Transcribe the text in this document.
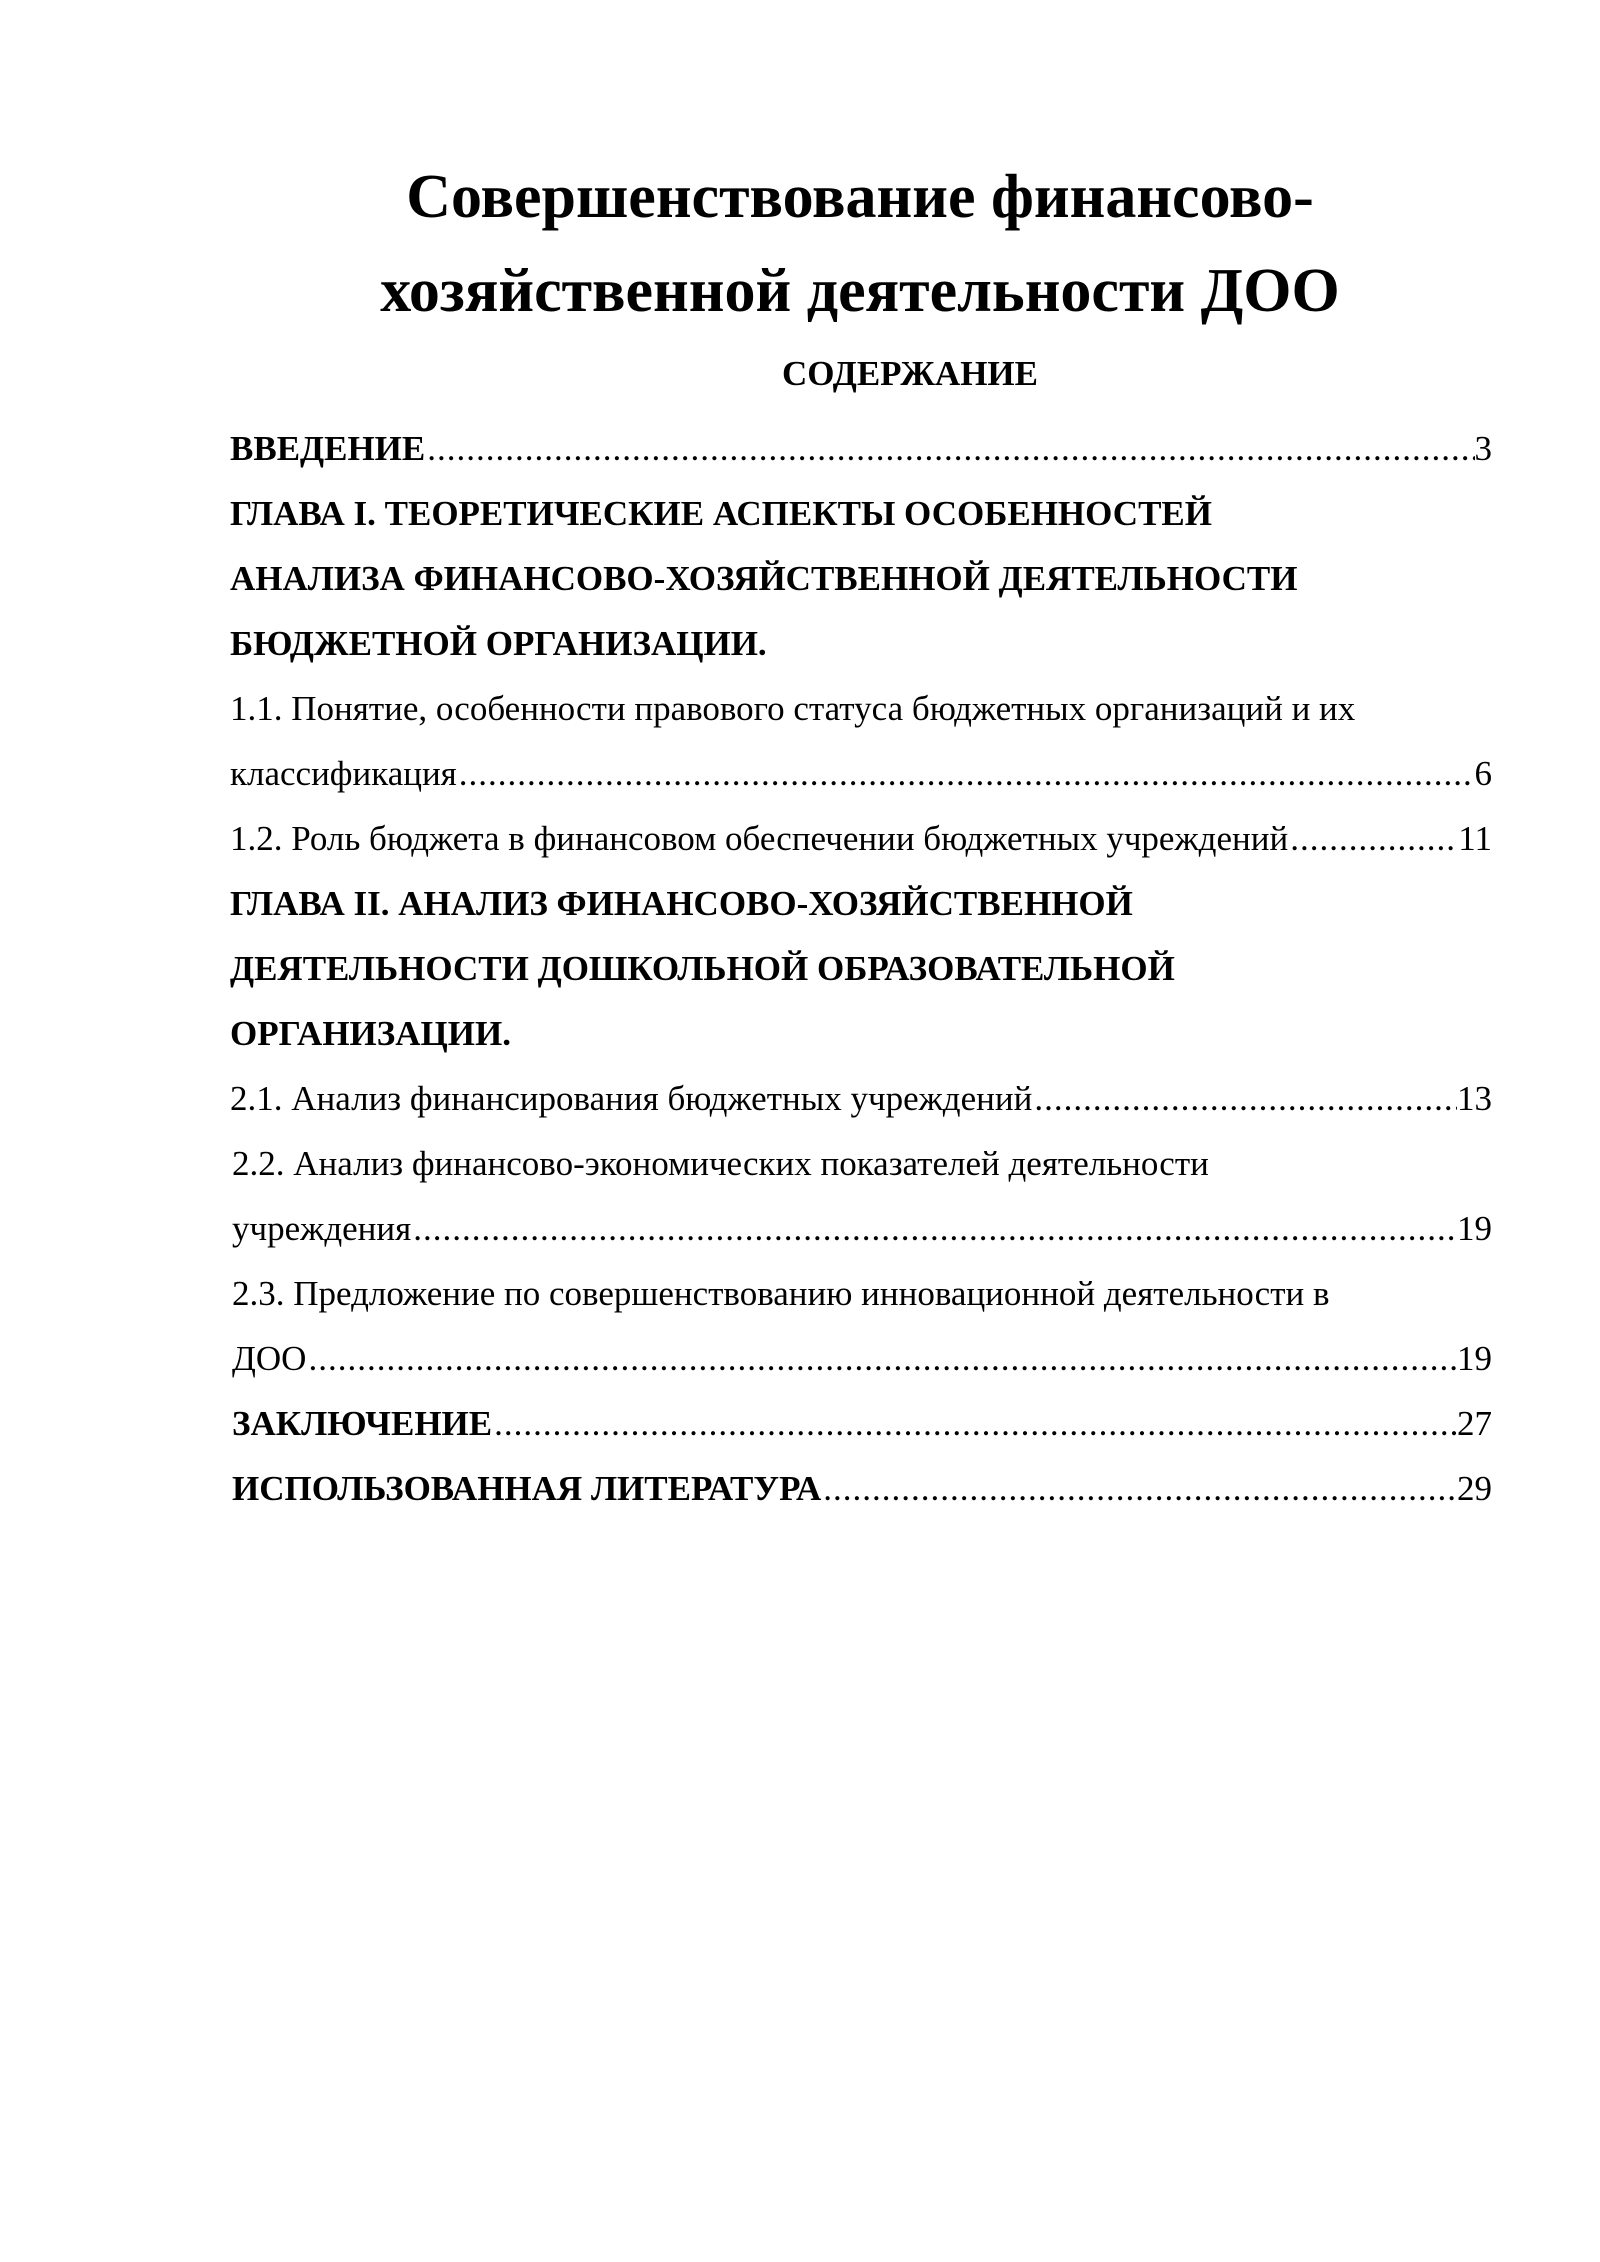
Совершенствование финансово-
хозяйственной деятельности ДОО
СОДЕРЖАНИЕ
ВВЕДЕНИЕ .....	3
ГЛАВА I. ТЕОРЕТИЧЕСКИЕ АСПЕКТЫ ОСОБЕННОСТЕЙ
АНАЛИЗА ФИНАНСОВО-ХОЗЯЙСТВЕННОЙ ДЕЯТЕЛЬНОСТИ
БЮДЖЕТНОЙ ОРГАНИЗАЦИИ.
1.1. Понятие, особенности правового статуса бюджетных организаций и их
классификация .....	6
1.2. Роль бюджета в финансовом обеспечении бюджетных учреждений .....	11
ГЛАВА II. АНАЛИЗ ФИНАНСОВО-ХОЗЯЙСТВЕННОЙ
ДЕЯТЕЛЬНОСТИ ДОШКОЛЬНОЙ ОБРАЗОВАТЕЛЬНОЙ
ОРГАНИЗАЦИИ.
2.1. Анализ финансирования бюджетных учреждений .....	13
2.2. Анализ финансово-экономических показателей деятельности
учреждения .....	19
2.3. Предложение по совершенствованию инновационной деятельности в
ДОО .....	19
ЗАКЛЮЧЕНИЕ .....	27
ИСПОЛЬЗОВАННАЯ ЛИТЕРАТУРА .....	29
